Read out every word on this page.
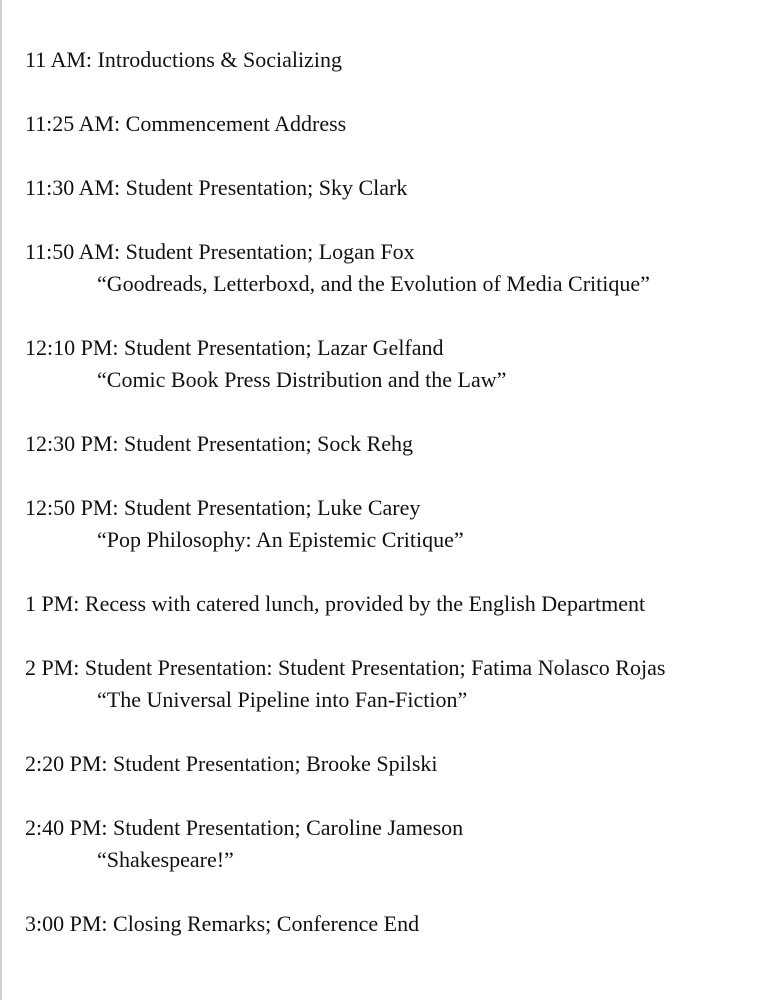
11 AM: Introductions & Socializing
11:25 AM: Commencement Address
11:30 AM: Student Presentation; Sky Clark
11:50 AM: Student Presentation; Logan Fox
“Goodreads, Letterboxd, and the Evolution of Media Critique”
12:10 PM: Student Presentation; Lazar Gelfand
“Comic Book Press Distribution and the Law”
12:30 PM: Student Presentation; Sock Rehg
12:50 PM: Student Presentation; Luke Carey
“Pop Philosophy: An Epistemic Critique”
1 PM: Recess with catered lunch, provided by the English Department
2 PM: Student Presentation: Student Presentation; Fatima Nolasco Rojas
“The Universal Pipeline into Fan-Fiction”
2:20 PM: Student Presentation; Brooke Spilski
2:40 PM: Student Presentation; Caroline Jameson
“Shakespeare!”
3:00 PM: Closing Remarks; Conference End
